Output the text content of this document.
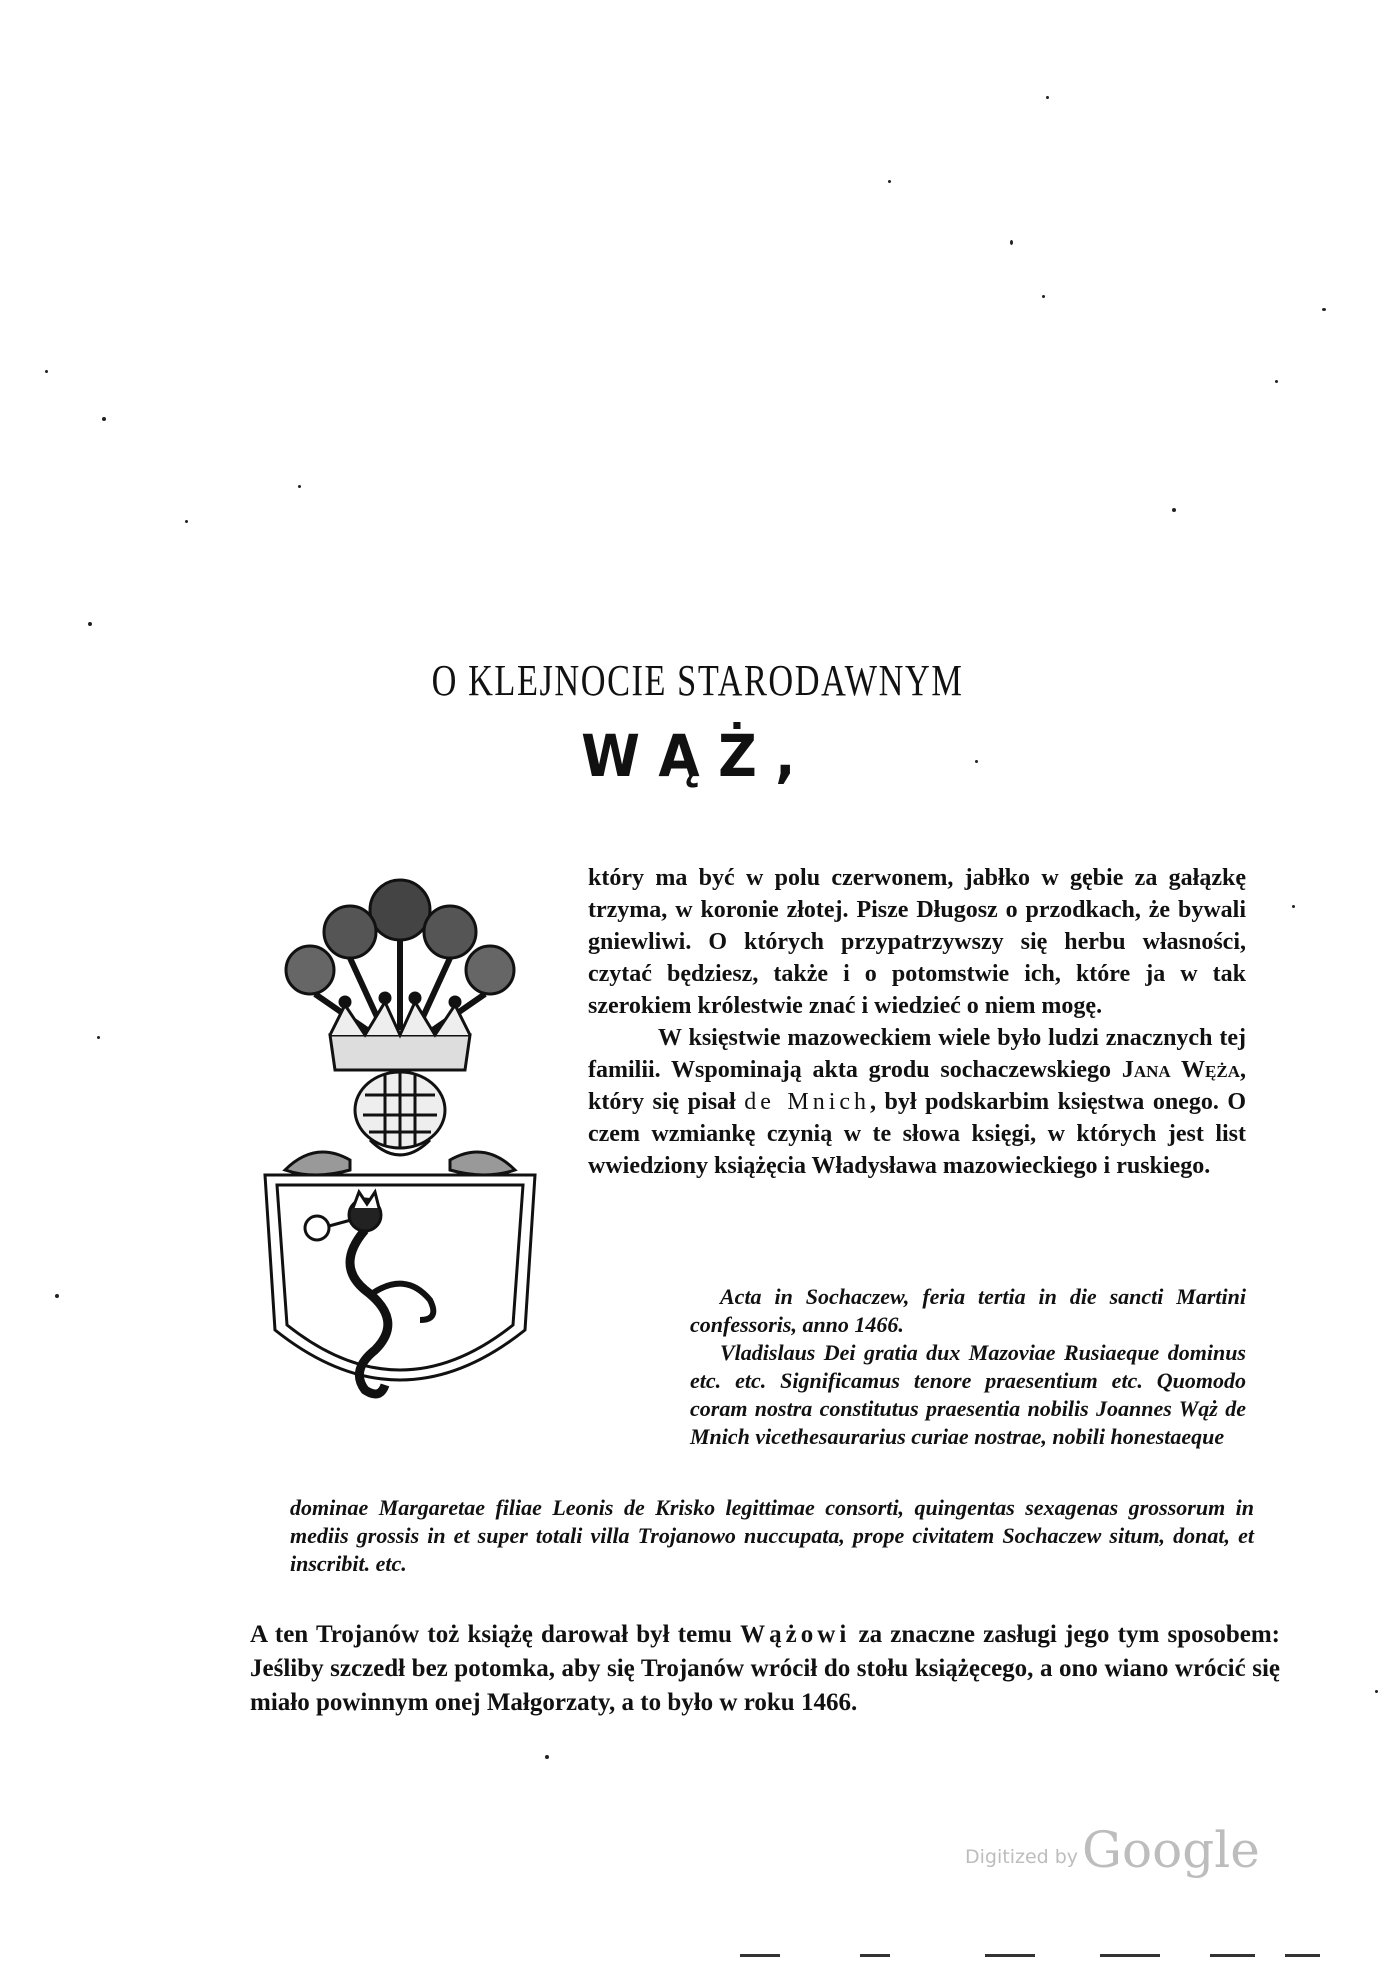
O KLEJNOCIE STARODAWNYM
WĄŻ,

który ma być w polu czerwonem, jabłko w gębie za gałązkę trzyma, w koronie złotej. Pisze Długosz o przodkach, że bywali gniewliwi. O których przypatrzywszy się herbu własności, czytać będziesz, także i o potomstwie ich, które ja w tak szerokiem królestwie znać i wiedzieć o niem mogę.

W księstwie mazoweckiem wiele było ludzi znacznych tej familii. Wspominają akta grodu sochaczewskiego Jana Węża, który się pisał de Mnich, był podskarbim księstwa onego. O czem wzmiankę czynią w te słowa księgi, w których jest list wwiedziony książęcia Władysława mazowieckiego i ruskiego.

Acta in Sochaczew, feria tertia in die sancti Martini confessoris, anno 1466.

Vladislaus Dei gratia dux Mazoviae Rusiaeque dominus etc. etc. Significamus tenore praesentium etc. Quomodo coram nostra constitutus praesentia nobilis Joannes Wąż de Mnich vicethesaurarius curiae nostrae, nobili honestaeque

dominae Margaretae filiae Leonis de Krisko legittimae consorti, quingentas sexagenas grossorum in mediis grossis in et super totali villa Trojanowo nuccupata, prope civitatem Sochaczew situm, donat, et inscribit. etc.

A ten Trojanów toż książę darował był temu Wążowi za znaczne zasługi jego tym sposobem: Jeśliby szczedł bez potomka, aby się Trojanów wrócił do stołu książęcego, a ono wiano wrócić się miało powinnym onej Małgorzaty, a to było w roku 1466.
Digitized by Google
